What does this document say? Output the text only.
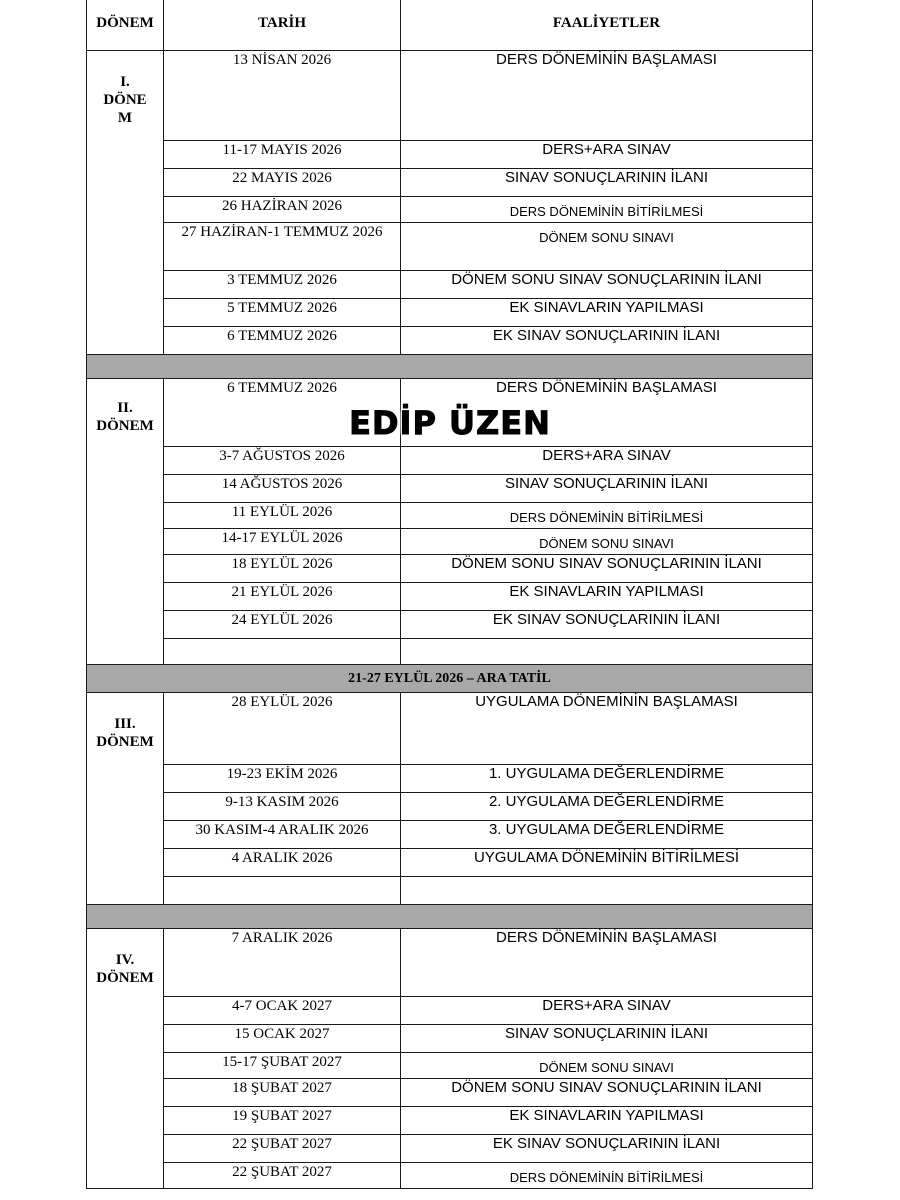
DÖNEM	TARİH	FAALİYETLER
I.
DÖNE
M	13 NİSAN 2026	DERS DÖNEMİNİN BAŞLAMASI
	11-17 MAYIS 2026	DERS+ARA SINAV
	22 MAYIS 2026	SINAV SONUÇLARININ İLANI
	26 HAZİRAN 2026	DERS DÖNEMİNİN BİTİRİLMESİ
	27 HAZİRAN-1 TEMMUZ 2026	DÖNEM SONU SINAVI
	3 TEMMUZ 2026	DÖNEM SONU SINAV SONUÇLARININ İLANI
	5 TEMMUZ 2026	EK SINAVLARIN YAPILMASI
	6 TEMMUZ 2026	EK SINAV SONUÇLARININ İLANI

II.
DÖNEM	6 TEMMUZ 2026	DERS DÖNEMİNİN BAŞLAMASI
	3-7 AĞUSTOS 2026	DERS+ARA SINAV
	14 AĞUSTOS 2026	SINAV SONUÇLARININ İLANI
	11 EYLÜL 2026	DERS DÖNEMİNİN BİTİRİLMESİ
	14-17 EYLÜL 2026	DÖNEM SONU SINAVI
	18 EYLÜL 2026	DÖNEM SONU SINAV SONUÇLARININ İLANI
	21 EYLÜL 2026	EK SINAVLARIN YAPILMASI
	24 EYLÜL 2026	EK SINAV SONUÇLARININ İLANI

21-27 EYLÜL 2026 – ARA TATİL		
III.
DÖNEM	28 EYLÜL 2026	UYGULAMA DÖNEMİNİN BAŞLAMASI
	19-23 EKİM 2026	1. UYGULAMA DEĞERLENDİRME
	9-13 KASIM 2026	2. UYGULAMA DEĞERLENDİRME
	30 KASIM-4 ARALIK 2026	3. UYGULAMA DEĞERLENDİRME
	4 ARALIK 2026	UYGULAMA DÖNEMİNİN BİTİRİLMESİ

IV.
DÖNEM	7 ARALIK 2026	DERS DÖNEMİNİN BAŞLAMASI
	4-7 OCAK 2027	DERS+ARA SINAV
	15 OCAK 2027	SINAV SONUÇLARININ İLANI
	15-17 ŞUBAT 2027	DÖNEM SONU SINAVI
	18 ŞUBAT 2027	DÖNEM SONU SINAV SONUÇLARININ İLANI
	19 ŞUBAT 2027	EK SINAVLARIN YAPILMASI
	22 ŞUBAT 2027	EK SINAV SONUÇLARININ İLANI
	22 ŞUBAT 2027	DERS DÖNEMİNİN BİTİRİLMESİ
EDİP ÜZEN
